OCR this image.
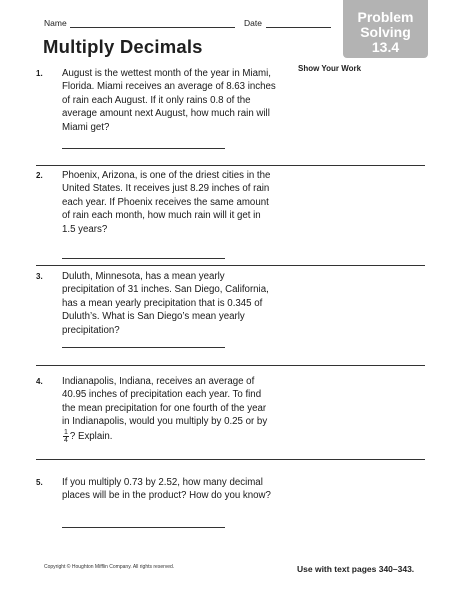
Name	Date	Problem
Solving
13.4
Multiply Decimals
Show Your Work
1. August is the wettest month of the year in Miami, Florida. Miami receives an average of 8.63 inches of rain each August. If it only rains 0.8 of the average amount next August, how much rain will Miami get?
2. Phoenix, Arizona, is one of the driest cities in the United States. It receives just 8.29 inches of rain each year. If Phoenix receives the same amount of rain each month, how much rain will it get in 1.5 years?
3. Duluth, Minnesota, has a mean yearly precipitation of 31 inches. San Diego, California, has a mean yearly precipitation that is 0.345 of Duluth’s. What is San Diego’s mean yearly precipitation?
4. Indianapolis, Indiana, receives an average of 40.95 inches of precipitation each year. To find the mean precipitation for one fourth of the year in Indianapolis, would you multiply by 0.25 or by
$\frac{1}{4}$ ? Explain.
5. If you multiply 0.73 by 2.52, how many decimal places will be in the product? How do you know?
Copyright © Houghton Mifflin Company. All rights reserved.	Use with text pages 340–343.
